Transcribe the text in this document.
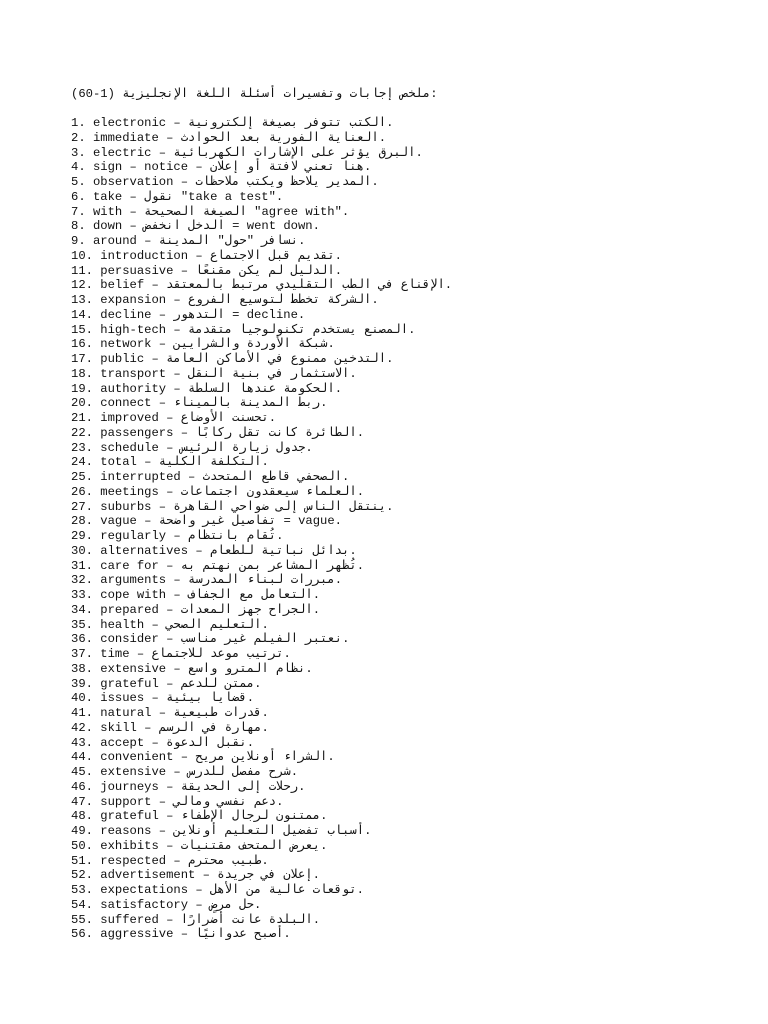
(60-1) ملخص إجابات وتفسيرات أسئلة اللغة الإنجليزية:
1. electronic – الكتب تتوفر بصيغة إلكترونية.
2. immediate – العناية الفورية بعد الحوادث.
3. electric – البرق يؤثر على الإشارات الكهربائية.
4. sign – notice – هنا تعني لافتة أو إعلان.
5. observation – المدير يلاحظ ويكتب ملاحظات.
6. take – نقول "take a test".
7. with – الصيغة الصحيحة "agree with".
8. down – الدخل انخفض = went down.
9. around – نسافر "حول" المدينة.
10. introduction – تقديم قبل الاجتماع.
11. persuasive – الدليل لم يكن مقنعًا.
12. belief – الإقناع في الطب التقليدي مرتبط بالمعتقد.
13. expansion – الشركة تخطط لتوسيع الفروع.
14. decline – التدهور = decline.
15. high-tech – المصنع يستخدم تكنولوجيا متقدمة.
16. network – شبكة الأوردة والشرايين.
17. public – التدخين ممنوع في الأماكن العامة.
18. transport – الاستثمار في بنية النقل.
19. authority – الحكومة عندها السلطة.
20. connect – ربط المدينة بالميناء.
21. improved – تحسنت الأوضاع.
22. passengers – الطائرة كانت تقل ركابًا.
23. schedule – جدول زيارة الرئيس.
24. total – التكلفة الكلية.
25. interrupted – الصحفي قاطع المتحدث.
26. meetings – العلماء سيعقدون اجتماعات.
27. suburbs – ينتقل الناس إلى ضواحي القاهرة.
28. vague – تفاصيل غير واضحة = vague.
29. regularly – تُقام بانتظام.
30. alternatives – بدائل نباتية للطعام.
31. care for – تُظهر المشاعر بمن نهتم به.
32. arguments – مبررات لبناء المدرسة.
33. cope with – التعامل مع الجفاف.
34. prepared – الجراح جهز المعدات.
35. health – التعليم الصحي.
36. consider – نعتبر الفيلم غير مناسب.
37. time – ترتيب موعد للاجتماع.
38. extensive – نظام المترو واسع.
39. grateful – ممتن للدعم.
40. issues – قضايا بيئية.
41. natural – قدرات طبيعية.
42. skill – مهارة في الرسم.
43. accept – نقبل الدعوة.
44. convenient – الشراء أونلاين مريح.
45. extensive – شرح مفصل للدرس.
46. journeys – رحلات إلى الحديقة.
47. support – دعم نفسي ومالي.
48. grateful – ممتنون لرجال الإطفاء.
49. reasons – أسباب تفضيل التعليم أونلاين.
50. exhibits – يعرض المتحف مقتنيات.
51. respected – طبيب محترم.
52. advertisement – إعلان في جريدة.
53. expectations – توقعات عالية من الأهل.
54. satisfactory – حل مرضٍ.
55. suffered – البلدة عانت أضرارًا.
56. aggressive – أصبح عدوانيًا.
